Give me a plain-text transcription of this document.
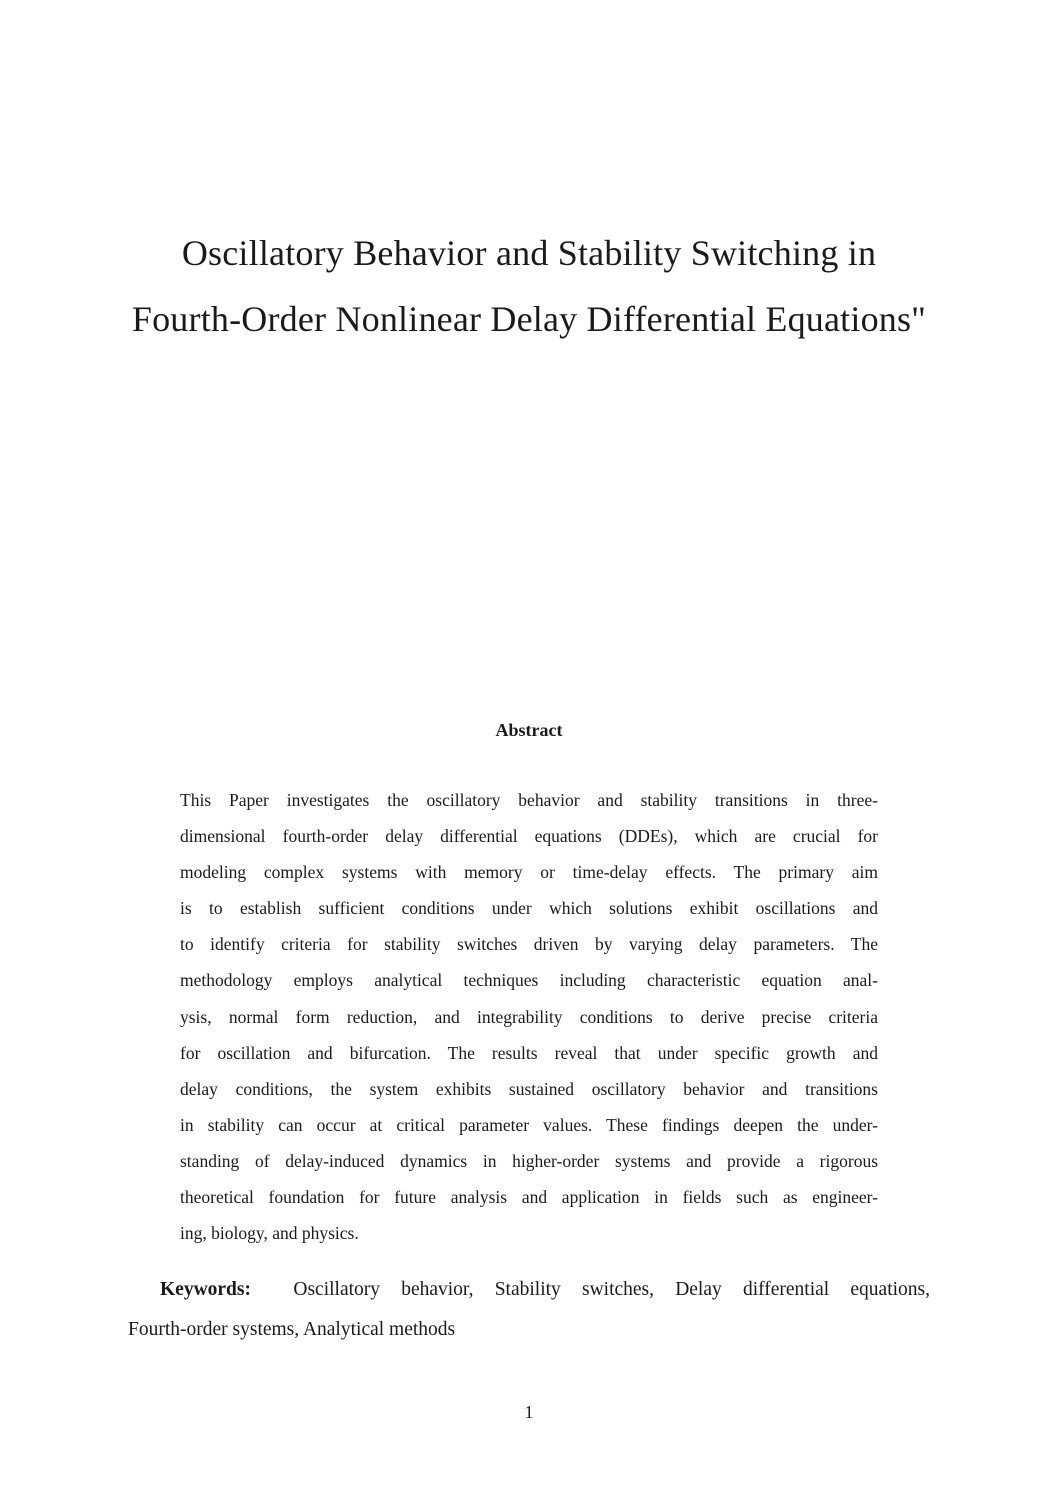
Oscillatory Behavior and Stability Switching in
Fourth-Order Nonlinear Delay Differential Equations"
Abstract
This Paper investigates the oscillatory behavior and stability transitions in three-
dimensional fourth-order delay differential equations (DDEs), which are crucial for
modeling complex systems with memory or time-delay effects. The primary aim
is to establish sufficient conditions under which solutions exhibit oscillations and
to identify criteria for stability switches driven by varying delay parameters. The
methodology employs analytical techniques including characteristic equation anal-
ysis, normal form reduction, and integrability conditions to derive precise criteria
for oscillation and bifurcation. The results reveal that under specific growth and
delay conditions, the system exhibits sustained oscillatory behavior and transitions
in stability can occur at critical parameter values. These findings deepen the under-
standing of delay-induced dynamics in higher-order systems and provide a rigorous
theoretical foundation for future analysis and application in fields such as engineer-
ing, biology, and physics.
Keywords: Oscillatory behavior, Stability switches, Delay differential equations,
Fourth-order systems, Analytical methods
1
